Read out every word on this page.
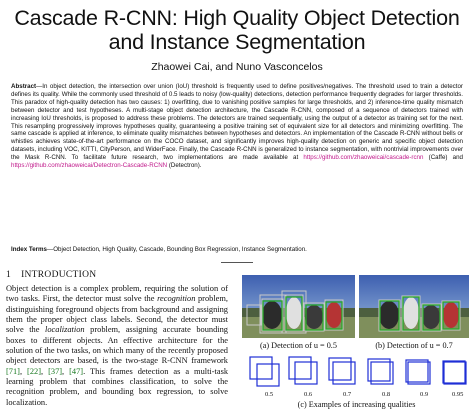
Cascade R-CNN: High Quality Object Detection
and Instance Segmentation
Zhaowei Cai, and Nuno Vasconcelos
Abstract—In object detection, the intersection over union (IoU) threshold is frequently used to define positives/negatives. The threshold used to train a detector defines its quality. While the commonly used threshold of 0.5 leads to noisy (low-quality) detections, detection performance frequently degrades for larger thresholds. This paradox of high-quality detection has two causes: 1) overfitting, due to vanishing positive samples for large thresholds, and 2) inference-time quality mismatch between detector and test hypotheses. A multi-stage object detection architecture, the Cascade R-CNN, composed of a sequence of detectors trained with increasing IoU thresholds, is proposed to address these problems. The detectors are trained sequentially, using the output of a detector as training set for the next. This resampling progressively improves hypotheses quality, guaranteeing a positive training set of equivalent size for all detectors and minimizing overfitting. The same cascade is applied at inference, to eliminate quality mismatches between hypotheses and detectors. An implementation of the Cascade R-CNN without bells or whistles achieves state-of-the-art performance on the COCO dataset, and significantly improves high-quality detection on generic and specific object detection datasets, including VOC, KITTI, CityPerson, and WiderFace. Finally, the Cascade R-CNN is generalized to instance segmentation, with nontrivial improvements over the Mask R-CNN. To facilitate future research, two implementations are made available at https://github.com/zhaoweicai/cascade-rcnn (Caffe) and https://github.com/zhaoweicai/Detectron-Cascade-RCNN (Detectron).
Index Terms—Object Detection, High Quality, Cascade, Bounding Box Regression, Instance Segmentation.
1 INTRODUCTION
Object detection is a complex problem, requiring the solution of two tasks. First, the detector must solve the recognition problem, distinguishing foreground objects from background and assigning them the proper object class labels. Second, the detector must solve the localization problem, assigning accurate bounding boxes to different objects. An effective architecture for the solution of the two tasks, on which many of the recently proposed object detectors are based, is the two-stage R-CNN framework [71], [22], [37], [47]. This frames detection as a multi-task learning problem that combines classification, to solve the recognition problem, and bounding box regression, to solve localization.
(a) Detection of u = 0.5	(b) Detection of u = 0.7
0.5	0.6	0.7	0.8	0.9	0.95
(c) Examples of increasing qualities
